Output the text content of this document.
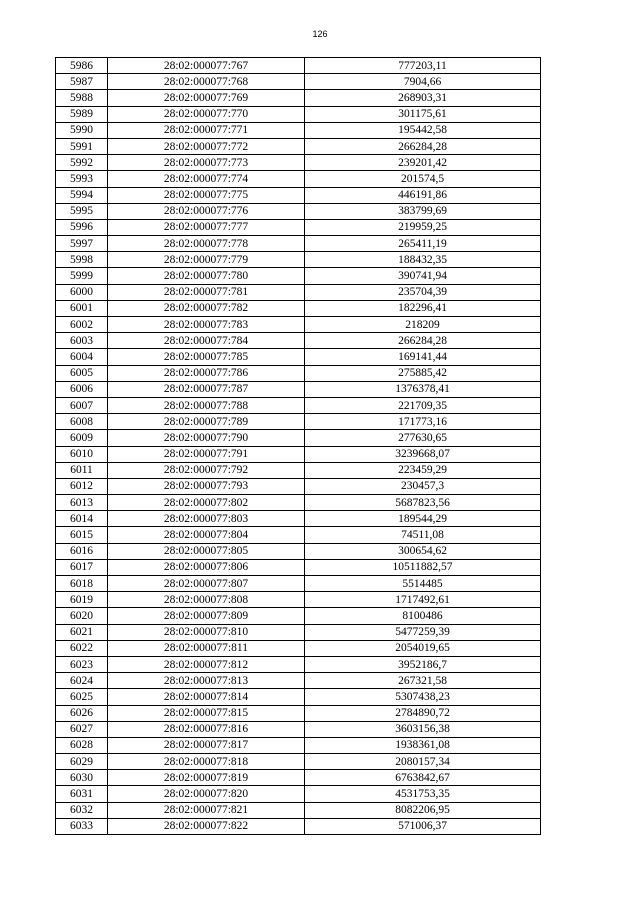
126
5986	28:02:000077:767	777203,11
5987	28:02:000077:768	7904,66
5988	28:02:000077:769	268903,31
5989	28:02:000077:770	301175,61
5990	28:02:000077:771	195442,58
5991	28:02:000077:772	266284,28
5992	28:02:000077:773	239201,42
5993	28:02:000077:774	201574,5
5994	28:02:000077:775	446191,86
5995	28:02:000077:776	383799,69
5996	28:02:000077:777	219959,25
5997	28:02:000077:778	265411,19
5998	28:02:000077:779	188432,35
5999	28:02:000077:780	390741,94
6000	28:02:000077:781	235704,39
6001	28:02:000077:782	182296,41
6002	28:02:000077:783	218209
6003	28:02:000077:784	266284,28
6004	28:02:000077:785	169141,44
6005	28:02:000077:786	275885,42
6006	28:02:000077:787	1376378,41
6007	28:02:000077:788	221709,35
6008	28:02:000077:789	171773,16
6009	28:02:000077:790	277630,65
6010	28:02:000077:791	3239668,07
6011	28:02:000077:792	223459,29
6012	28:02:000077:793	230457,3
6013	28:02:000077:802	5687823,56
6014	28:02:000077:803	189544,29
6015	28:02:000077:804	74511,08
6016	28:02:000077:805	300654,62
6017	28:02:000077:806	10511882,57
6018	28:02:000077:807	5514485
6019	28:02:000077:808	1717492,61
6020	28:02:000077:809	8100486
6021	28:02:000077:810	5477259,39
6022	28:02:000077:811	2054019,65
6023	28:02:000077:812	3952186,7
6024	28:02:000077:813	267321,58
6025	28:02:000077:814	5307438,23
6026	28:02:000077:815	2784890,72
6027	28:02:000077:816	3603156,38
6028	28:02:000077:817	1938361,08
6029	28:02:000077:818	2080157,34
6030	28:02:000077:819	6763842,67
6031	28:02:000077:820	4531753,35
6032	28:02:000077:821	8082206,95
6033	28:02:000077:822	571006,37
